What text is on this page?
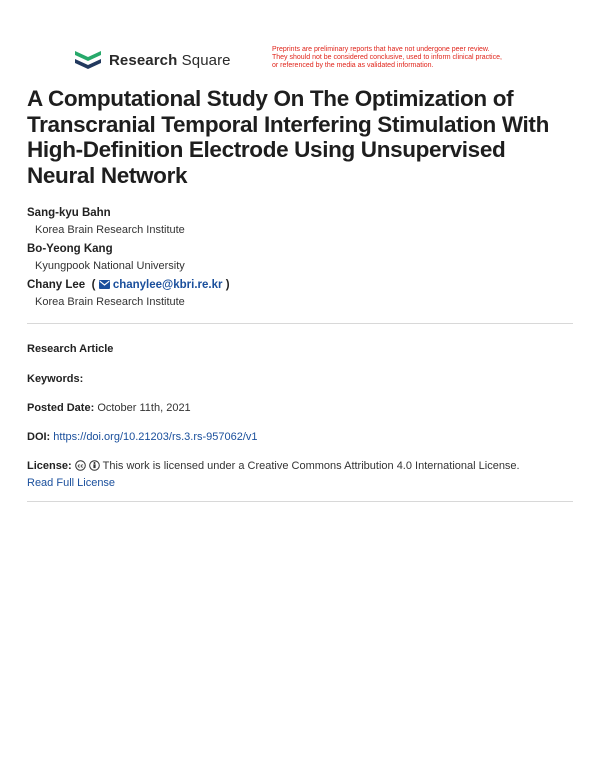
Research Square
Preprints are preliminary reports that have not undergone peer review.
They should not be considered conclusive, used to inform clinical practice,
or referenced by the media as validated information.
A Computational Study On The Optimization of Transcranial Temporal Interfering Stimulation With High-Definition Electrode Using Unsupervised Neural Network
Sang-kyu Bahn
Korea Brain Research Institute
Bo-Yeong Kang
Kyungpook National University
Chany Lee  ( chanylee@kbri.re.kr )
Korea Brain Research Institute
Research Article
Keywords:
Posted Date: October 11th, 2021
DOI: https://doi.org/10.21203/rs.3.rs-957062/v1
License: cc This work is licensed under a Creative Commons Attribution 4.0 International License.
Read Full License
